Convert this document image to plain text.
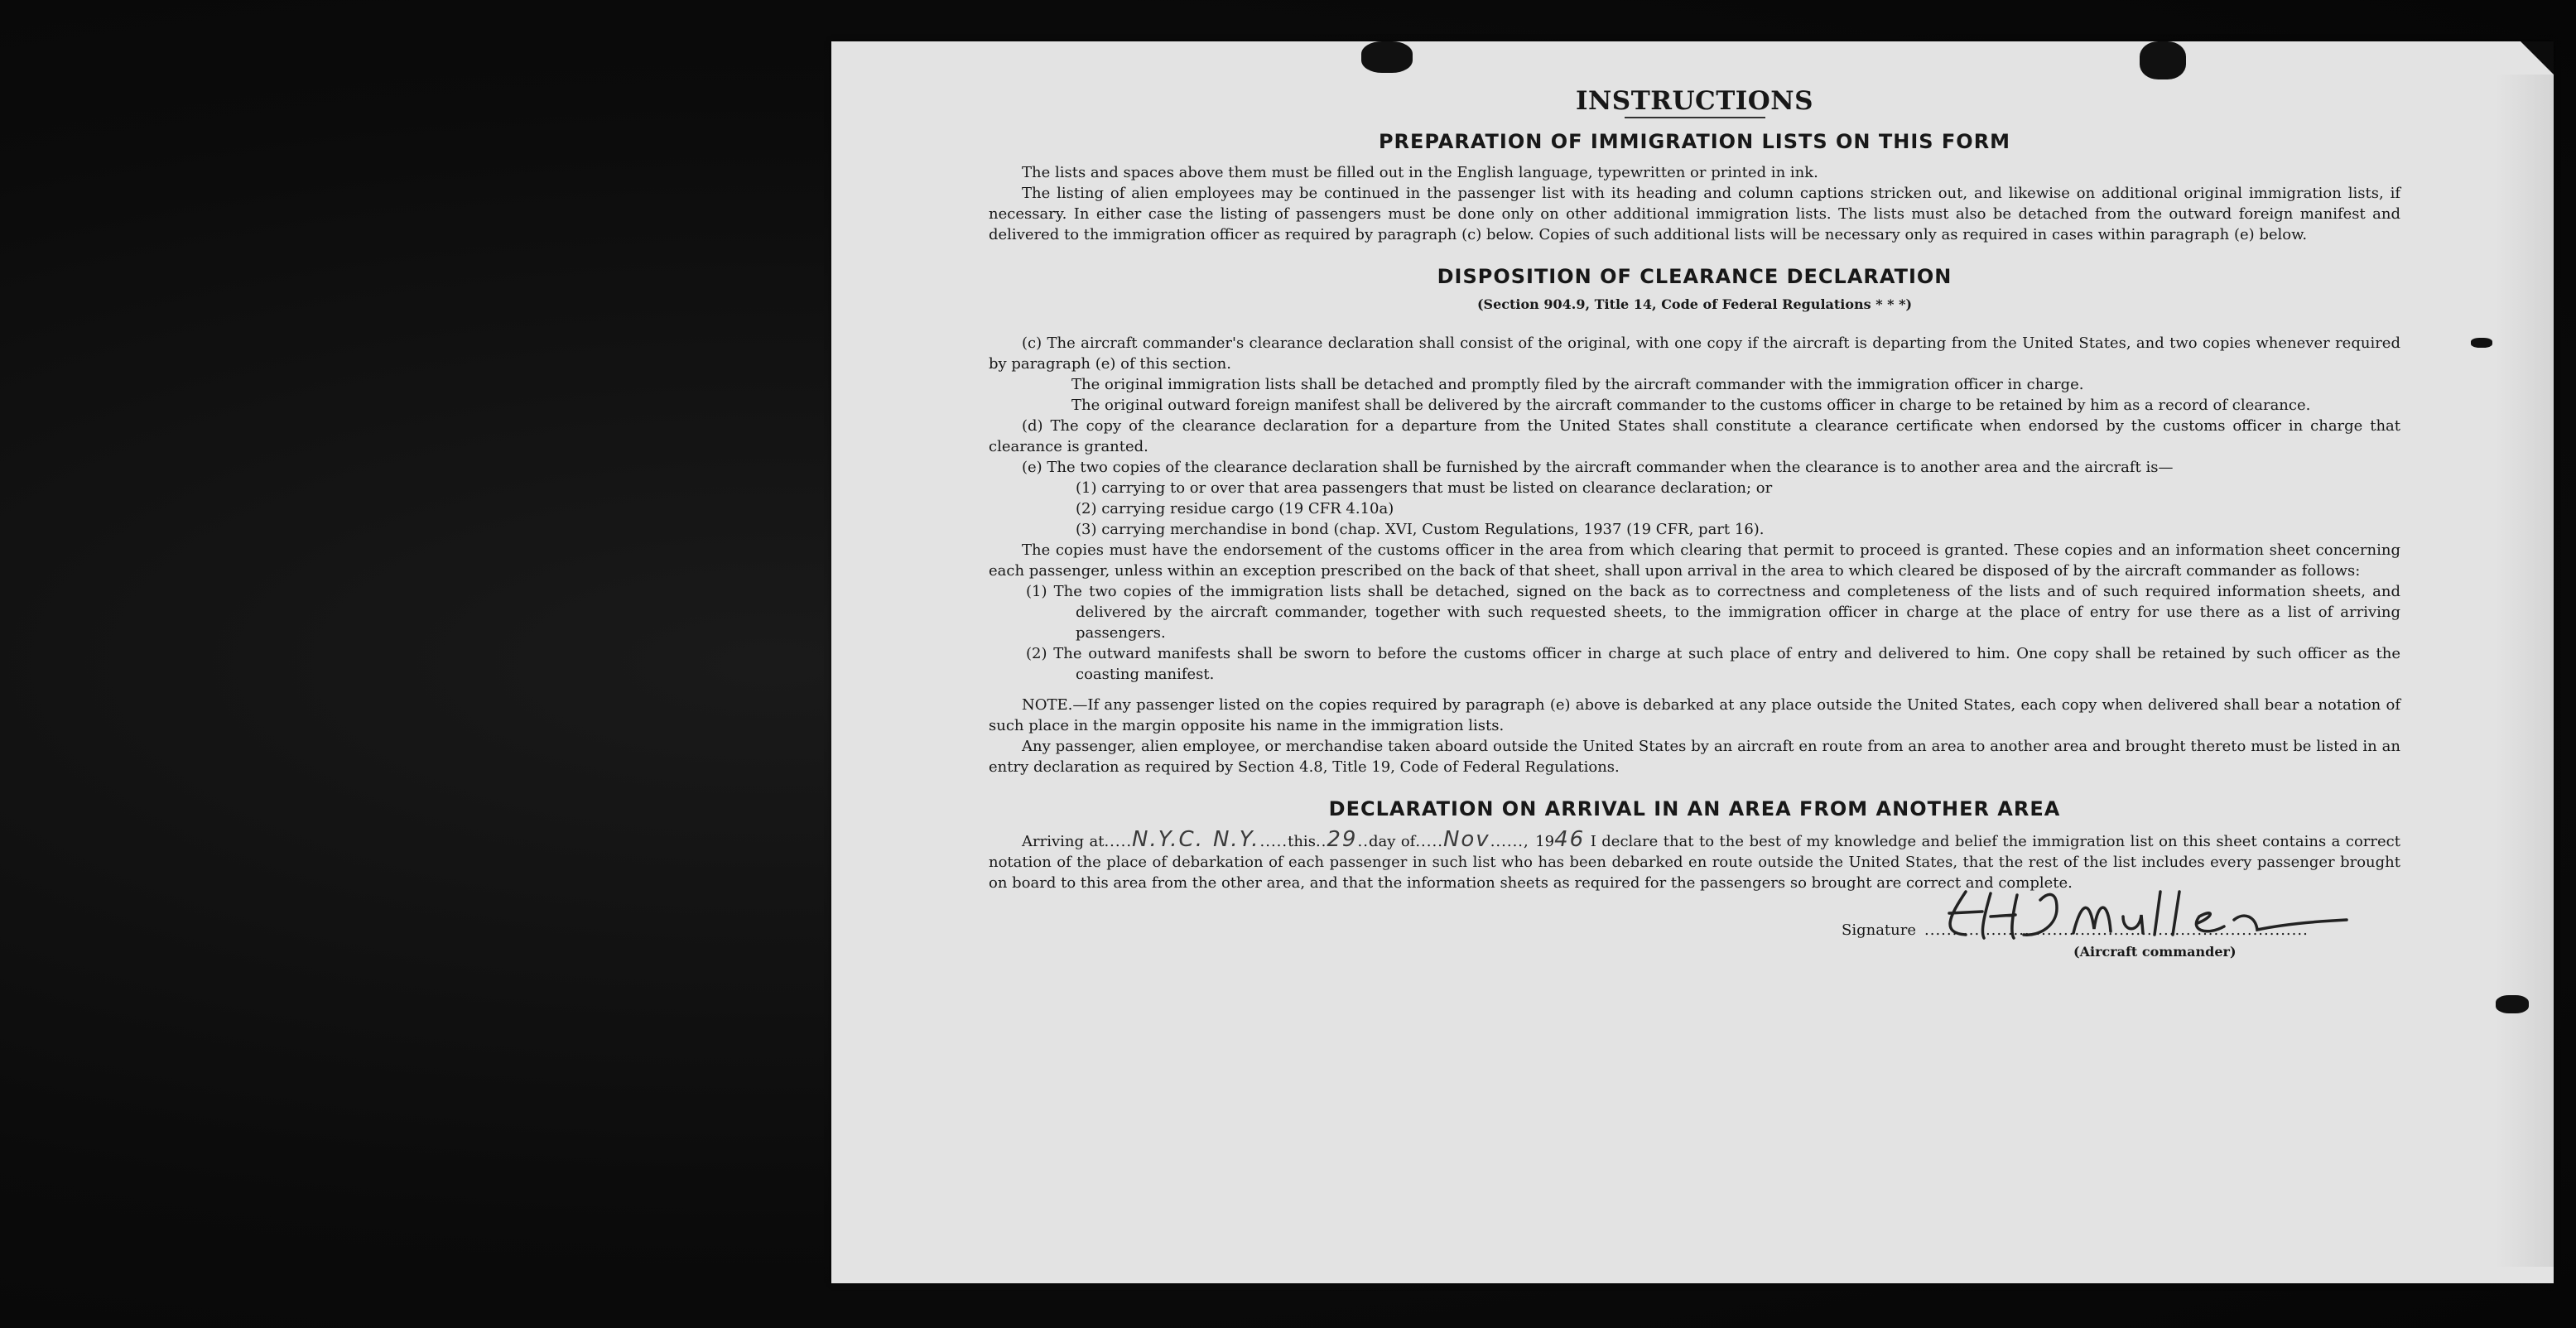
INSTRUCTIONS
PREPARATION OF IMMIGRATION LISTS ON THIS FORM

The lists and spaces above them must be filled out in the English language, typewritten or printed in ink.

The listing of alien employees may be continued in the passenger list with its heading and column captions stricken out, and likewise on additional original immigration lists, if necessary. In either case the listing of passengers must be done only on other additional immigration lists. The lists must also be detached from the outward foreign manifest and delivered to the immigration officer as required by paragraph (c) below. Copies of such additional lists will be necessary only as required in cases within paragraph (e) below.

DISPOSITION OF CLEARANCE DECLARATION
(Section 904.9, Title 14, Code of Federal Regulations * * *)

(c) The aircraft commander's clearance declaration shall consist of the original, with one copy if the aircraft is departing from the United States, and two copies whenever required by paragraph (e) of this section.

The original immigration lists shall be detached and promptly filed by the aircraft commander with the immigration officer in charge.

The original outward foreign manifest shall be delivered by the aircraft commander to the customs officer in charge to be retained by him as a record of clearance.

(d) The copy of the clearance declaration for a departure from the United States shall constitute a clearance certificate when endorsed by the customs officer in charge that clearance is granted.

(e) The two copies of the clearance declaration shall be furnished by the aircraft commander when the clearance is to another area and the aircraft is—

(1) carrying to or over that area passengers that must be listed on clearance declaration; or

(2) carrying residue cargo (19 CFR 4.10a)

(3) carrying merchandise in bond (chap. XVI, Custom Regulations, 1937 (19 CFR, part 16).

The copies must have the endorsement of the customs officer in the area from which clearing that permit to proceed is granted. These copies and an information sheet concerning each passenger, unless within an exception prescribed on the back of that sheet, shall upon arrival in the area to which cleared be disposed of by the aircraft commander as follows:

(1) The two copies of the immigration lists shall be detached, signed on the back as to correctness and completeness of the lists and of such required information sheets, and delivered by the aircraft commander, together with such requested sheets, to the immigration officer in charge at the place of entry for use there as a list of arriving passengers.

(2) The outward manifests shall be sworn to before the customs officer in charge at such place of entry and delivered to him. One copy shall be retained by such officer as the coasting manifest.

NOTE.—If any passenger listed on the copies required by paragraph (e) above is debarked at any place outside the United States, each copy when delivered shall bear a notation of such place in the margin opposite his name in the immigration lists.

Any passenger, alien employee, or merchandise taken aboard outside the United States by an aircraft en route from an area to another area and brought thereto must be listed in an entry declaration as required by Section 4.8, Title 19, Code of Federal Regulations.

DECLARATION ON ARRIVAL IN AN AREA FROM ANOTHER AREA

Arriving at.....N.Y.C. N.Y......this..29..day of.....Nov......, 1946 I declare that to the best of my knowledge and belief the immigration list on this sheet contains a correct notation of the place of debarkation of each passenger in such list who has been debarked en route outside the United States, that the rest of the list includes every passenger brought on board to this area from the other area, and that the information sheets as required for the passengers so brought are correct and complete.

Signature .....................................................................
(Aircraft commander)
